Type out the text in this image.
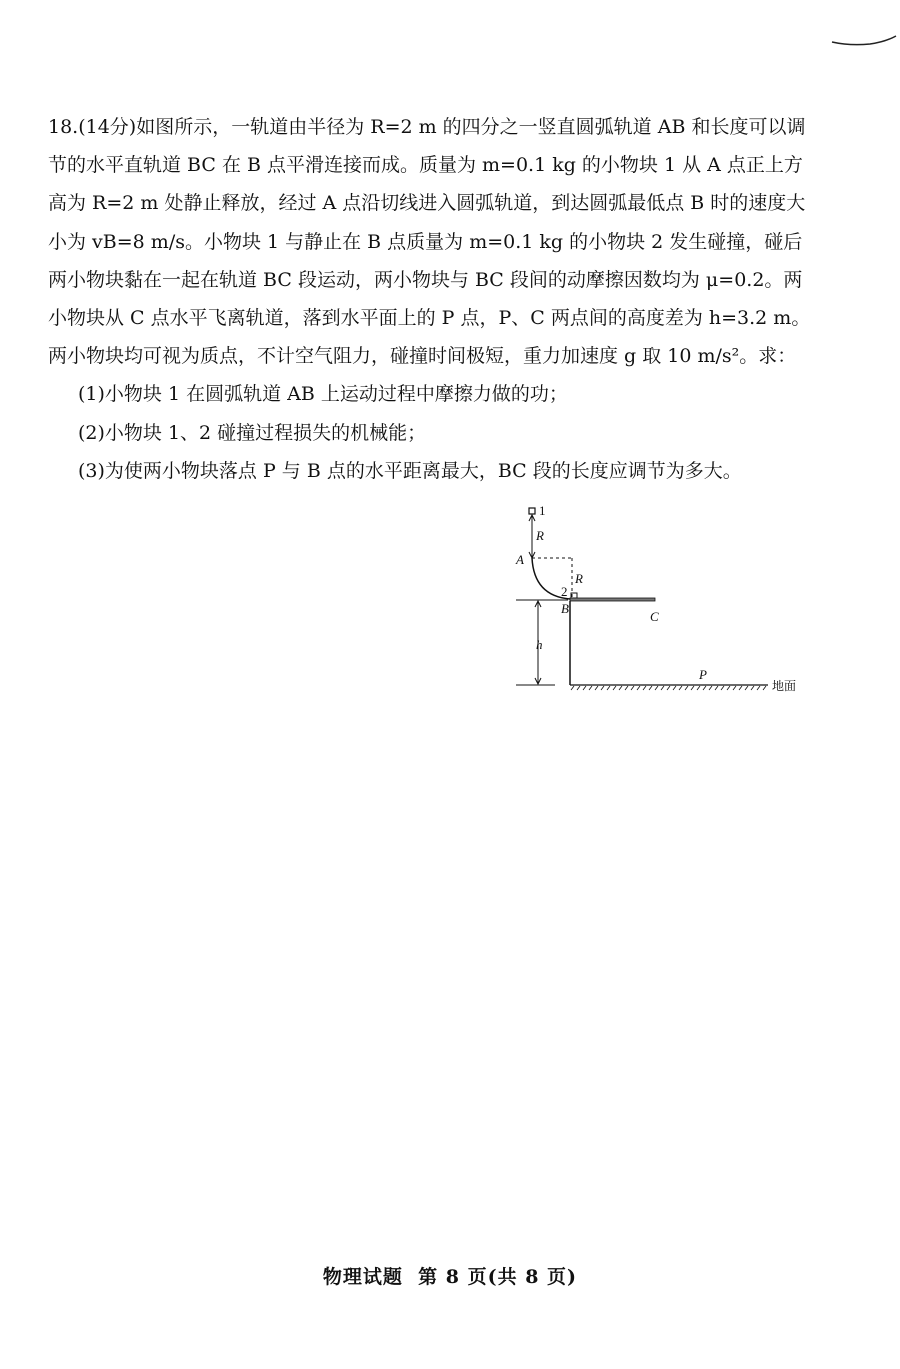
18.(14分)如图所示，一轨道由半径为 R=2 m 的四分之一竖直圆弧轨道 AB 和长度可以调节的水平直轨道 BC 在 B 点平滑连接而成。质量为 m=0.1 kg 的小物块 1 从 A 点正上方高为 R=2 m 处静止释放，经过 A 点沿切线进入圆弧轨道，到达圆弧最低点 B 时的速度大小为 vB=8 m/s。小物块 1 与静止在 B 点质量为 m=0.1 kg 的小物块 2 发生碰撞，碰后两小物块黏在一起在轨道 BC 段运动，两小物块与 BC 段间的动摩擦因数均为 μ=0.2。两小物块从 C 点水平飞离轨道，落到水平面上的 P 点，P、C 两点间的高度差为 h=3.2 m。两小物块均可视为质点，不计空气阻力，碰撞时间极短，重力加速度 g 取 10 m/s²。求：

(1)小物块 1 在圆弧轨道 AB 上运动过程中摩擦力做的功；

(2)小物块 1、2 碰撞过程损失的机械能；

(3)为使两小物块落点 P 与 B 点的水平距离最大，BC 段的长度应调节为多大。

1
R
A
R
2
B
C
h
P
地面
物理试题 第 8 页(共 8 页)
